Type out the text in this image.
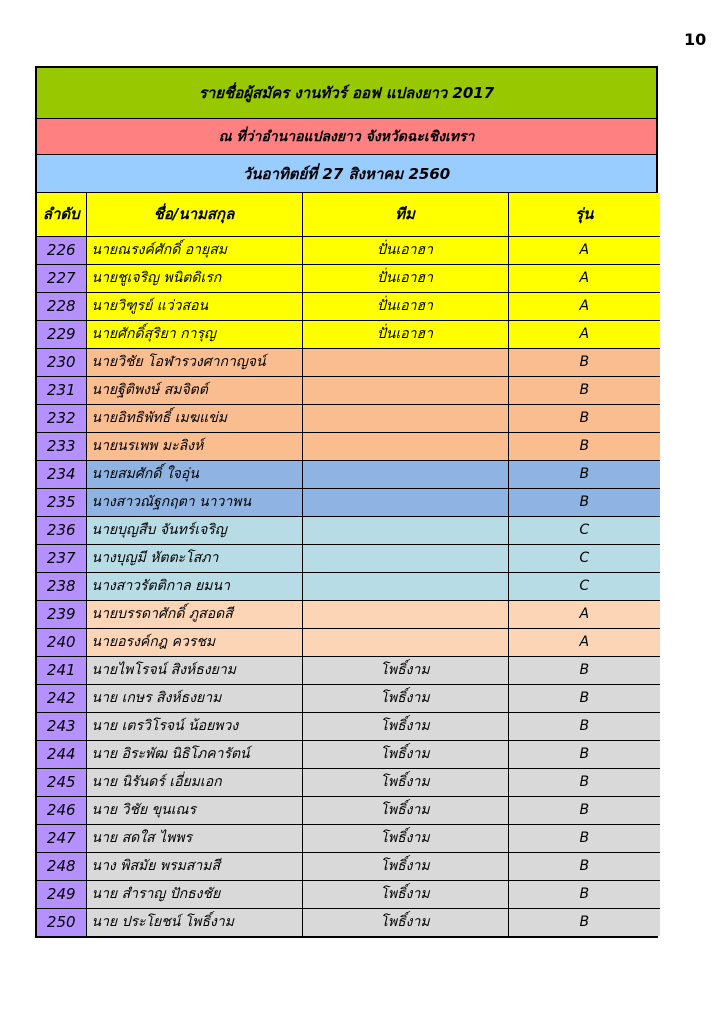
10
รายชื่อผู้สมัคร งานทัวร์ ออฟ แปลงยาว 2017
ณ ที่ว่าอำนาอแปลงยาว จังหวัดฉะเชิงเทรา
วันอาทิตย์ที่ 27 สิงหาคม 2560
ลำดับ	ชื่อ/นามสกุล	ทีม	รุ่น
226	นายณรงค์ศักดิ์ อายุสม	ปั่นเอาฮา	A
227	นายชูเจริญ พนิตดิเรก	ปั่นเอาฮา	A
228	นายวิฑูรย์ แว่วสอน	ปั่นเอาฮา	A
229	นายศักดิ์สุริยา การุญ	ปั่นเอาฮา	A
230	นายวิชัย โอฬารวงศากาญจน์		B
231	นายฐิติพงษ์ สมจิตต์		B
232	นายอิทธิพัทธิ์ เมฆแข่ม		B
233	นายนรเพพ มะลิงห์		B
234	นายสมศักดิ์ ใจอุ่น		B
235	นางสาวณัฐกฤตา นาวาพน		B
236	นายบุญสืบ จันทร์เจริญ		C
237	นางบุญมี หัตตะโสภา		C
238	นางสาวรัตติกาล ยมนา		C
239	นายบรรดาศักดิ์ ภูสอดสี		A
240	นายอรงค์กฎ ควรชม		A
241	นายไพโรจน์ สิงห์ธงยาม	โพธิ์งาม	B
242	นาย เกษร สิงห์ธงยาม	โพธิ์งาม	B
243	นาย เตรวิโรจน์ น้อยพวง	โพธิ์งาม	B
244	นาย อิระพัฒ นิธิโภคารัตน์	โพธิ์งาม	B
245	นาย นิรันดร์ เอี่ยมเอก	โพธิ์งาม	B
246	นาย วิชัย ขุนเณร	โพธิ์งาม	B
247	นาย สดใส ไพพร	โพธิ์งาม	B
248	นาง พิสมัย พรมสามสี	โพธิ์งาม	B
249	นาย สำราญ ปักธงชัย	โพธิ์งาม	B
250	นาย ประโยชน์ โพธิ์งาม	โพธิ์งาม	B
